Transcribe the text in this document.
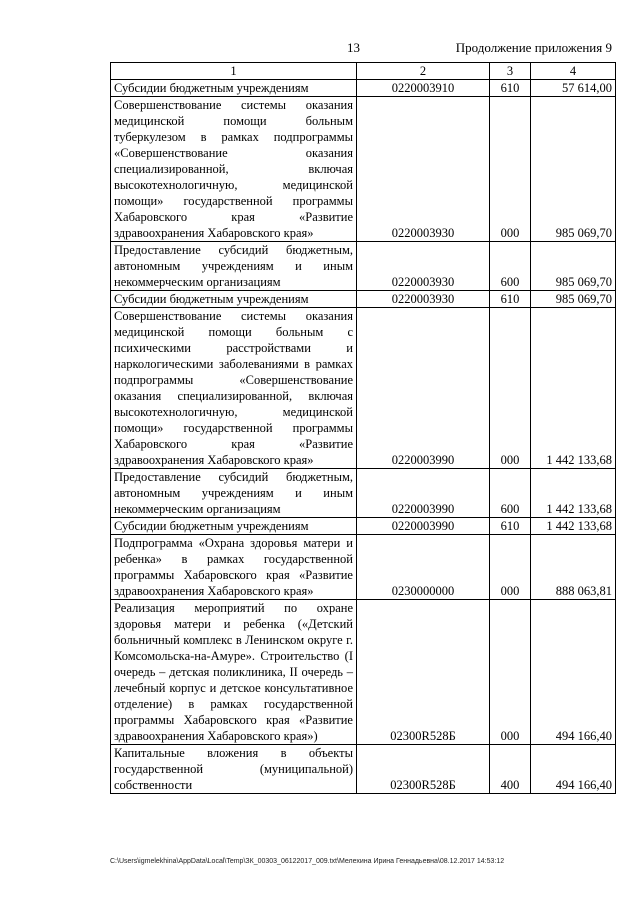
13	Продолжение приложения 9
1	2	3	4
Субсидии бюджетным учреждениям	0220003910	610	57 614,00
Совершенствование системы оказания медицинской помощи больным туберкулезом в рамках подпрограммы «Совершенствование оказания специализированной, включая высокотехнологичную, медицинской помощи» государственной программы Хабаровского края «Развитие здравоохранения Хабаровского края»	0220003930	000	985 069,70
Предоставление субсидий бюджетным, автономным учреждениям и иным некоммерческим организациям	0220003930	600	985 069,70
Субсидии бюджетным учреждениям	0220003930	610	985 069,70
Совершенствование системы оказания медицинской помощи больным с психическими расстройствами и наркологическими заболеваниями в рамках подпрограммы «Совершенствование оказания специализированной, включая высокотехнологичную, медицинской помощи» государственной программы Хабаровского края «Развитие здравоохранения Хабаровского края»	0220003990	000	1 442 133,68
Предоставление субсидий бюджетным, автономным учреждениям и иным некоммерческим организациям	0220003990	600	1 442 133,68
Субсидии бюджетным учреждениям	0220003990	610	1 442 133,68
Подпрограмма «Охрана здоровья матери и ребенка» в рамках государственной программы Хабаровского края «Развитие здравоохранения Хабаровского края»	0230000000	000	888 063,81
Реализация мероприятий по охране здоровья матери и ребенка («Детский больничный комплекс в Ленинском округе г. Комсомольска-на-Амуре». Строительство (I очередь – детская поликлиника, II очередь – лечебный корпус и детское консультативное отделение) в рамках государственной программы Хабаровского края «Развитие здравоохранения Хабаровского края»)	02300R528Б	000	494 166,40
Капитальные вложения в объекты государственной (муниципальной) собственности	02300R528Б	400	494 166,40
C:\Users\igmelekhina\AppData\Local\Temp\ЗК_00303_06122017_009.txt\Мелехина Ирина Геннадьевна\08.12.2017 14:53:12
